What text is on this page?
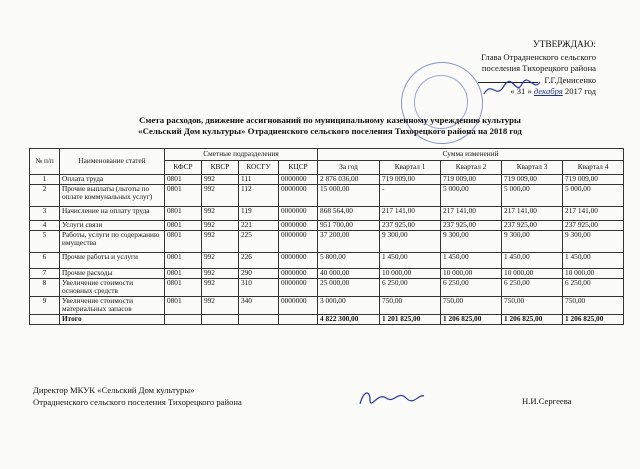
УТВЕРЖДАЮ:
Глава Отрадненского сельского
поселения Тихорецкого района
Г.Г.Денисенко
« 31 » декабря 2017 год
Смета расходов, движение ассигнований по муниципальному казенному учреждению культуры
«Сельский Дом культуры» Отрадненского сельского поселения Тихорецкого района на 2018 год
№ п/п	Наименование статей	Сметные подразделения				Сумма изменений				
		КФСР	КВСР	КОСГУ	КЦСР	За год	Квартал 1	Квартал 2	Квартал 3	Квартал 4
1	Оплата труда	0801	992	111	0000000	2 876 036,00	719 009,00	719 009,00	719 009,00	719 009,00
2	Прочие выплаты (льготы по оплате коммунальных услуг)	0801	992	112	0000000	15 000,00	-	5 000,00	5 000,00	5 000,00
3	Начисление на оплату труда	0801	992	119	0000000	868 564,00	217 141,00	217 141,00	217 141,00	217 141,00
4	Услуги связи	0801	992	221	0000000	951 700,00	237 925,00	237 925,00	237 925,00	237 925,00
5	Работы, услуги по содержанию имущества	0801	992	225	0000000	37 200,00	9 300,00	9 300,00	9 300,00	9 300,00
6	Прочие работы и услуги	0801	992	226	0000000	5 800,00	1 450,00	1 450,00	1 450,00	1 450,00
7	Прочие расходы	0801	992	290	0000000	40 000,00	10 000,00	10 000,00	10 000,00	10 000,00
8	Увеличение стоимости основных средств	0801	992	310	0000000	25 000,00	6 250,00	6 250,00	6 250,00	6 250,00
9	Увеличение стоимости материальных запасов	0801	992	340	0000000	3 000,00	750,00	750,00	750,00	750,00
	Итого					4 822 300,00	1 201 825,00	1 206 825,00	1 206 825,00	1 206 825,00
Директор МКУК «Сельский Дом культуры»
Отрадненского сельского поселения Тихорецкого района	Н.И.Сергеева
